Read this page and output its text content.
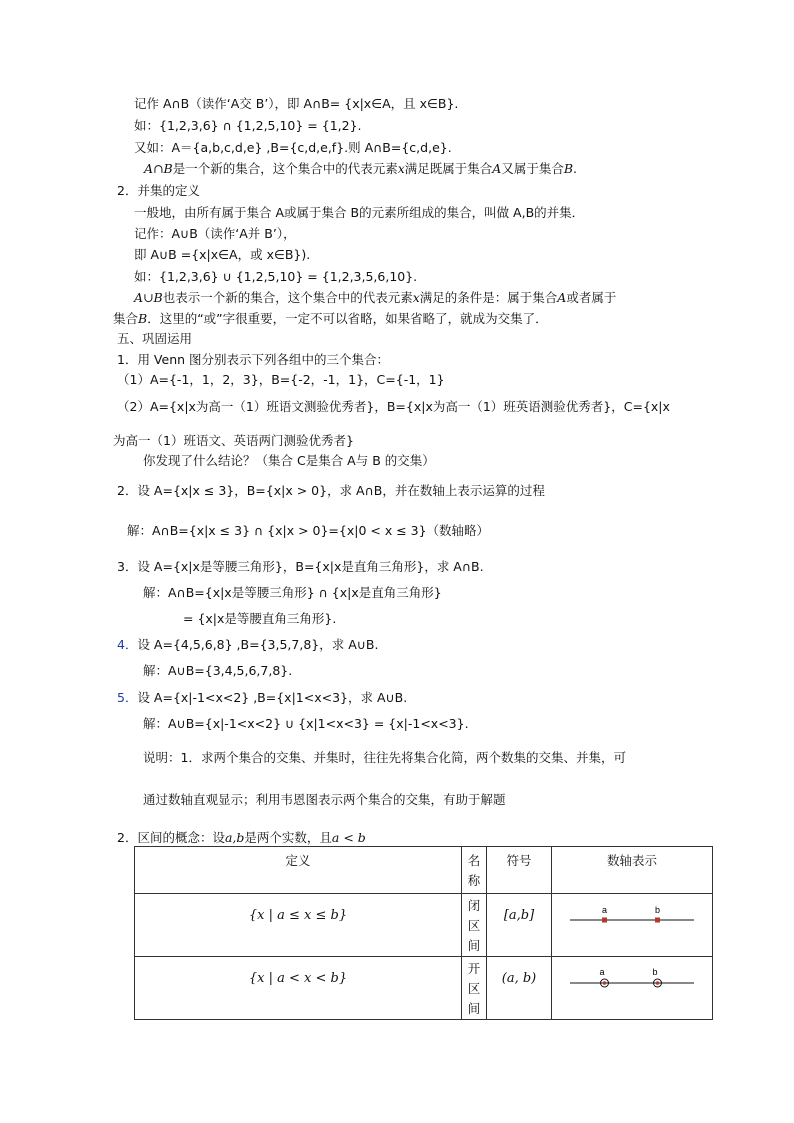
记作 A∩B（读作‘A交 B’），即 A∩B= {x|x∈A，且 x∈B}.
如：{1,2,3,6} ∩ {1,2,5,10} = {1,2}.
又如：A＝{a,b,c,d,e} ,B={c,d,e,f}.则 A∩B={c,d,e}.
A∩B是一个新的集合，这个集合中的代表元素x满足既属于集合A又属于集合B.
2．并集的定义
一般地，由所有属于集合 A或属于集合 B的元素所组成的集合，叫做 A,B的并集．
记作：A∪B（读作‘A并 B’），
即 A∪B ={x|x∈A，或 x∈B}).
如：{1,2,3,6} ∪ {1,2,5,10} = {1,2,3,5,6,10}.
A∪B也表示一个新的集合，这个集合中的代表元素x满足的条件是：属于集合A或者属于
集合B．这里的“或”字很重要，一定不可以省略，如果省略了，就成为交集了．
五、巩固运用
1．用 Venn 图分别表示下列各组中的三个集合：
（1）A={-1，1，2，3}，B={-2，-1，1}，C={-1，1}
（2）A={x|x为高一（1）班语文测验优秀者}，B={x|x为高一（1）班英语测验优秀者}，C={x|x
为高一（1）班语文、英语两门测验优秀者}
你发现了什么结论？（集合 C是集合 A与 B 的交集）
2．设 A={x|x ≤ 3}，B={x|x > 0}，求 A∩B，并在数轴上表示运算的过程
解：A∩B={x|x ≤ 3} ∩ {x|x > 0}={x|0 < x ≤ 3}（数轴略）
3．设 A={x|x是等腰三角形}，B={x|x是直角三角形}，求 A∩B.
解：A∩B={x|x是等腰三角形} ∩ {x|x是直角三角形}
= {x|x是等腰直角三角形}.
4．设 A={4,5,6,8} ,B={3,5,7,8}，求 A∪B.
解：A∪B={3,4,5,6,7,8}.
5．设 A={x|-1<x<2} ,B={x|1<x<3}，求 A∪B.
解：A∪B={x|-1<x<2} ∪ {x|1<x<3} = {x|-1<x<3}.
说明：1．求两个集合的交集、并集时，往往先将集合化简，两个数集的交集、并集，可
通过数轴直观显示；利用韦恩图表示两个集合的交集，有助于解题
2．区间的概念：设a,b是两个实数，且a < b
定义	名称	符号	数轴表示
{x | a ≤ x ≤ b}	闭区间	[a,b]	a b

{x | a < x < b}	开区间	(a, b)	a b
